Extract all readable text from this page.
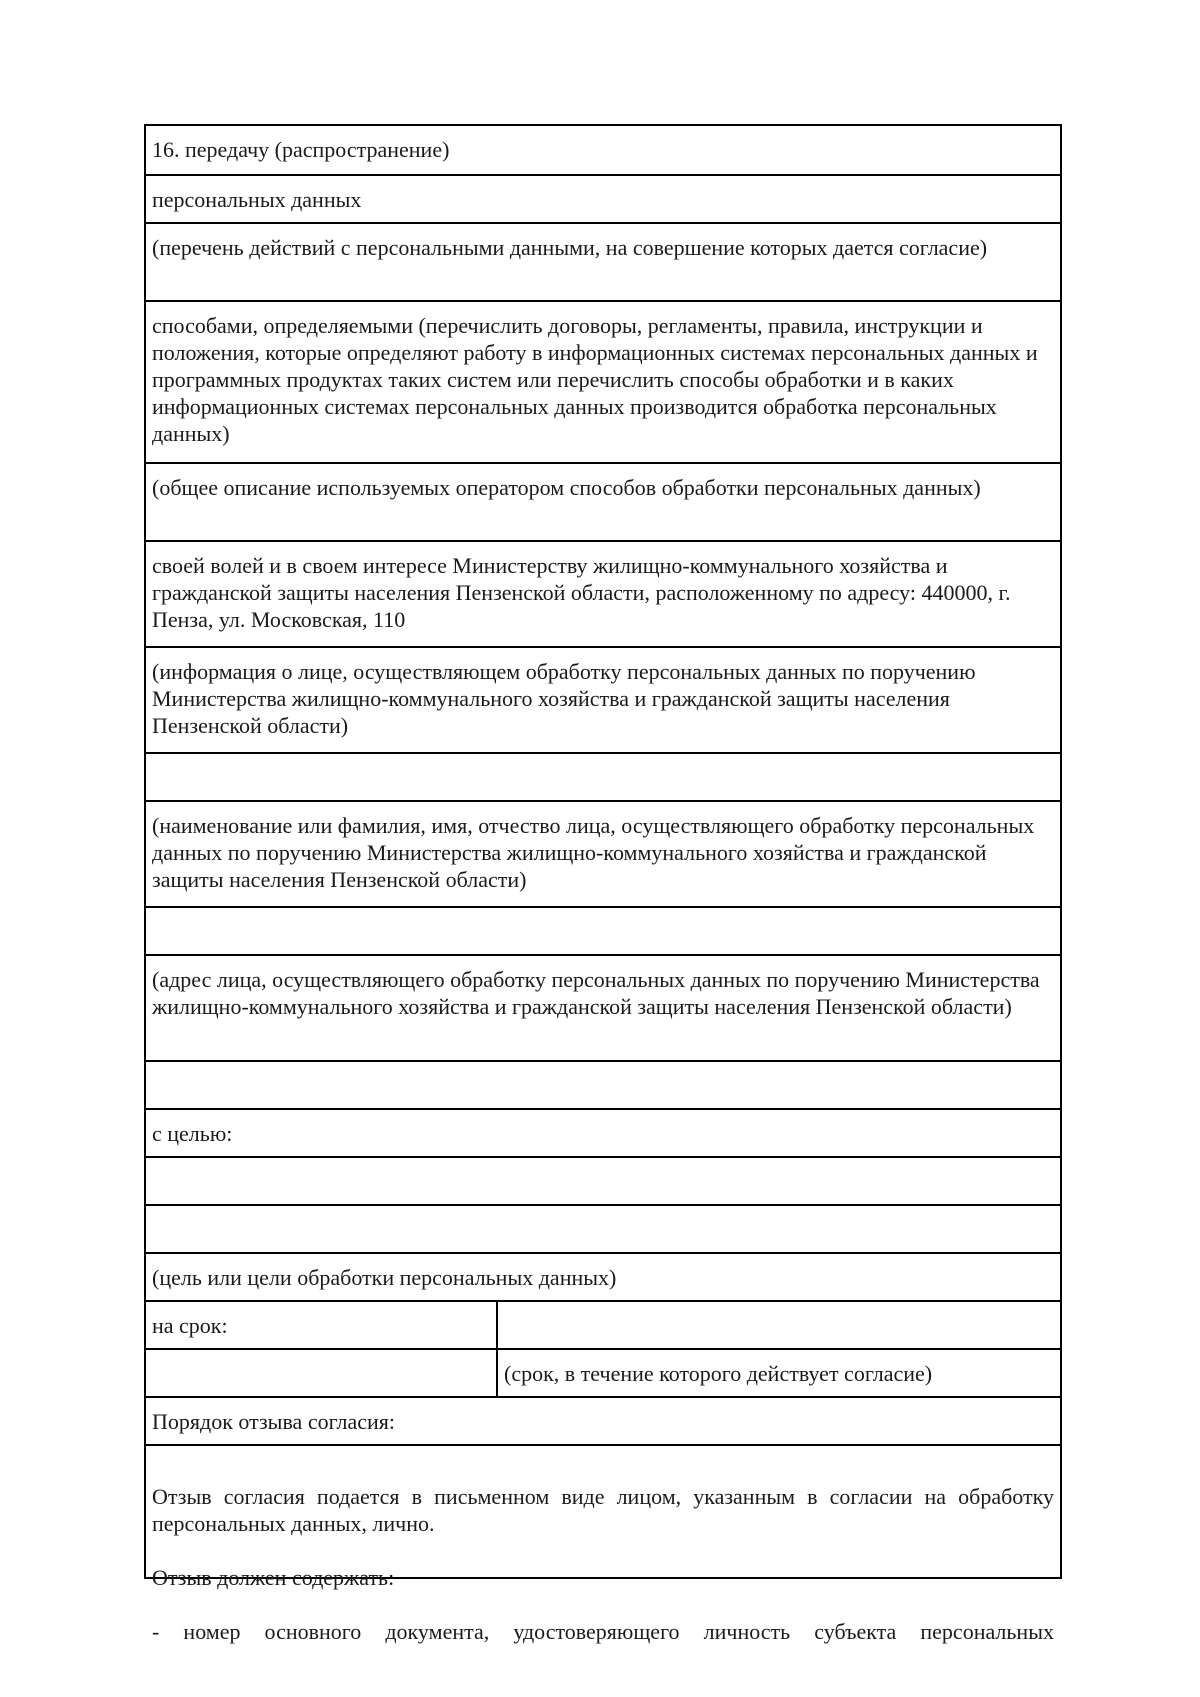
16. передачу (распространение)
персональных данных
(перечень действий с персональными данными, на совершение которых дается согласие)
способами, определяемыми (перечислить договоры, регламенты, правила, инструкции и положения, которые определяют работу в информационных системах персональных данных и программных продуктах таких систем или перечислить способы обработки и в каких информационных системах персональных данных производится обработка персональных данных)
(общее описание используемых оператором способов обработки персональных данных)
своей волей и в своем интересе Министерству жилищно-коммунального хозяйства и гражданской защиты населения Пензенской области, расположенному по адресу: 440000, г. Пенза, ул. Московская, 110
(информация о лице, осуществляющем обработку персональных данных по поручению Министерства жилищно-коммунального хозяйства и гражданской защиты населения Пензенской области)
(наименование или фамилия, имя, отчество лица, осуществляющего обработку персональных данных по поручению Министерства жилищно-коммунального хозяйства и гражданской защиты населения Пензенской области)
(адрес лица, осуществляющего обработку персональных данных по поручению Министерства жилищно-коммунального хозяйства и гражданской защиты населения Пензенской области)
с целью:
(цель или цели обработки персональных данных)
на срок:
(срок, в течение которого действует согласие)
Порядок отзыва согласия:

Отзыв согласия подается в письменном виде лицом, указанным в согласии на обработку персональных данных, лично.

Отзыв должен содержать:

- номер основного документа, удостоверяющего личность субъекта персональных
